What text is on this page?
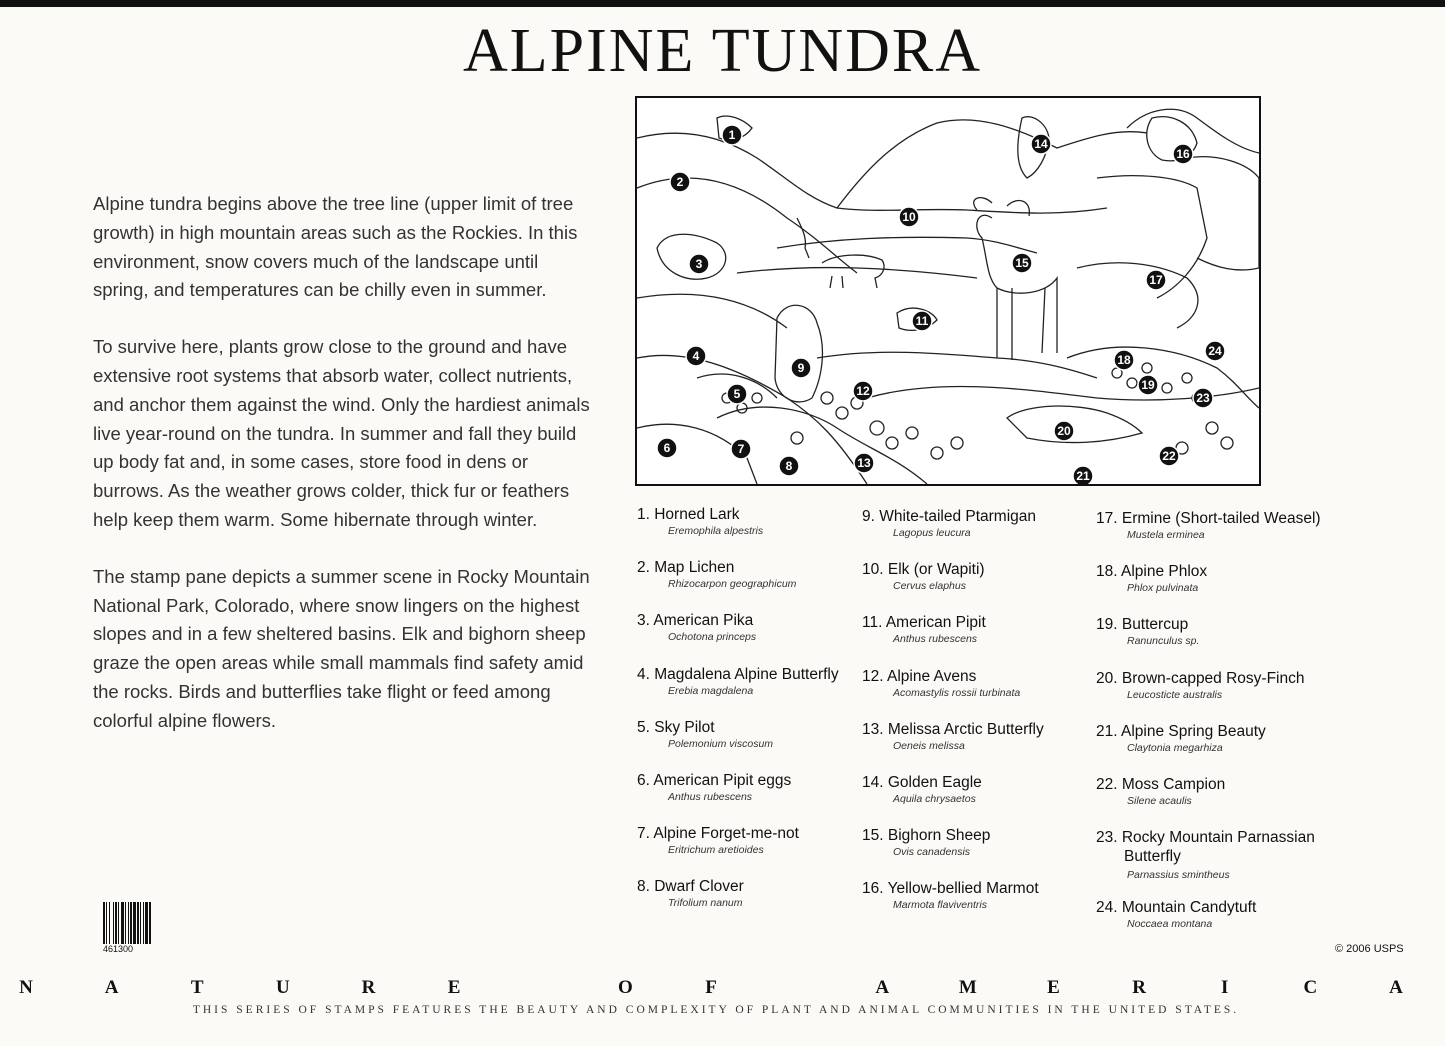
ALPINE TUNDRA

Alpine tundra begins above the tree line (upper limit of tree growth) in high mountain areas such as the Rockies. In this environment, snow covers much of the landscape until spring, and temperatures can be chilly even in summer.

To survive here, plants grow close to the ground and have extensive root systems that absorb water, collect nutrients, and anchor them against the wind. Only the hardiest animals live year-round on the tundra. In summer and fall they build up body fat and, in some cases, store food in dens or burrows. As the weather grows colder, thick fur or feathers help keep them warm. Some hibernate through winter.

The stamp pane depicts a summer scene in Rocky Mountain National Park, Colorado, where snow lingers on the highest slopes and in a few sheltered basins. Elk and bighorn sheep graze the open areas while small mammals find safety amid the rocks. Birds and butterflies take flight or feed among colorful alpine flowers.

1
2
3
4
5
6	7
8
9
10
11
12
13
14
15
16
17
18
19
20
21
22
23
24
1. Horned Lark
Eremophila alpestris
2. Map Lichen
Rhizocarpon geographicum
3. American Pika
Ochotona princeps
4. Magdalena Alpine Butterfly
Erebia magdalena
5. Sky Pilot
Polemonium viscosum
6. American Pipit eggs
Anthus rubescens
7. Alpine Forget-me-not
Eritrichum aretioides
8. Dwarf Clover
Trifolium nanum
9. White-tailed Ptarmigan
Lagopus leucura
10. Elk (or Wapiti)
Cervus elaphus
11. American Pipit
Anthus rubescens
12. Alpine Avens
Acomastylis rossii turbinata
13. Melissa Arctic Butterfly
Oeneis melissa
14. Golden Eagle
Aquila chrysaetos
15. Bighorn Sheep
Ovis canadensis
16. Yellow-bellied Marmot
Marmota flaviventris
17. Ermine (Short-tailed Weasel)
Mustela erminea
18. Alpine Phlox
Phlox pulvinata
19. Buttercup
Ranunculus sp.
20. Brown-capped Rosy-Finch
Leucosticte australis
21. Alpine Spring Beauty
Claytonia megarhiza
22. Moss Campion
Silene acaulis
23. Rocky Mountain Parnassian
Butterfly
Parnassius smintheus
24. Mountain Candytuft
Noccaea montana
461300	© 2006 USPS
N	A	T	U	R	E	O	F	A	M	E	R	I	C	A
THIS SERIES OF STAMPS FEATURES THE BEAUTY AND COMPLEXITY OF PLANT AND ANIMAL COMMUNITIES IN THE UNITED STATES.
